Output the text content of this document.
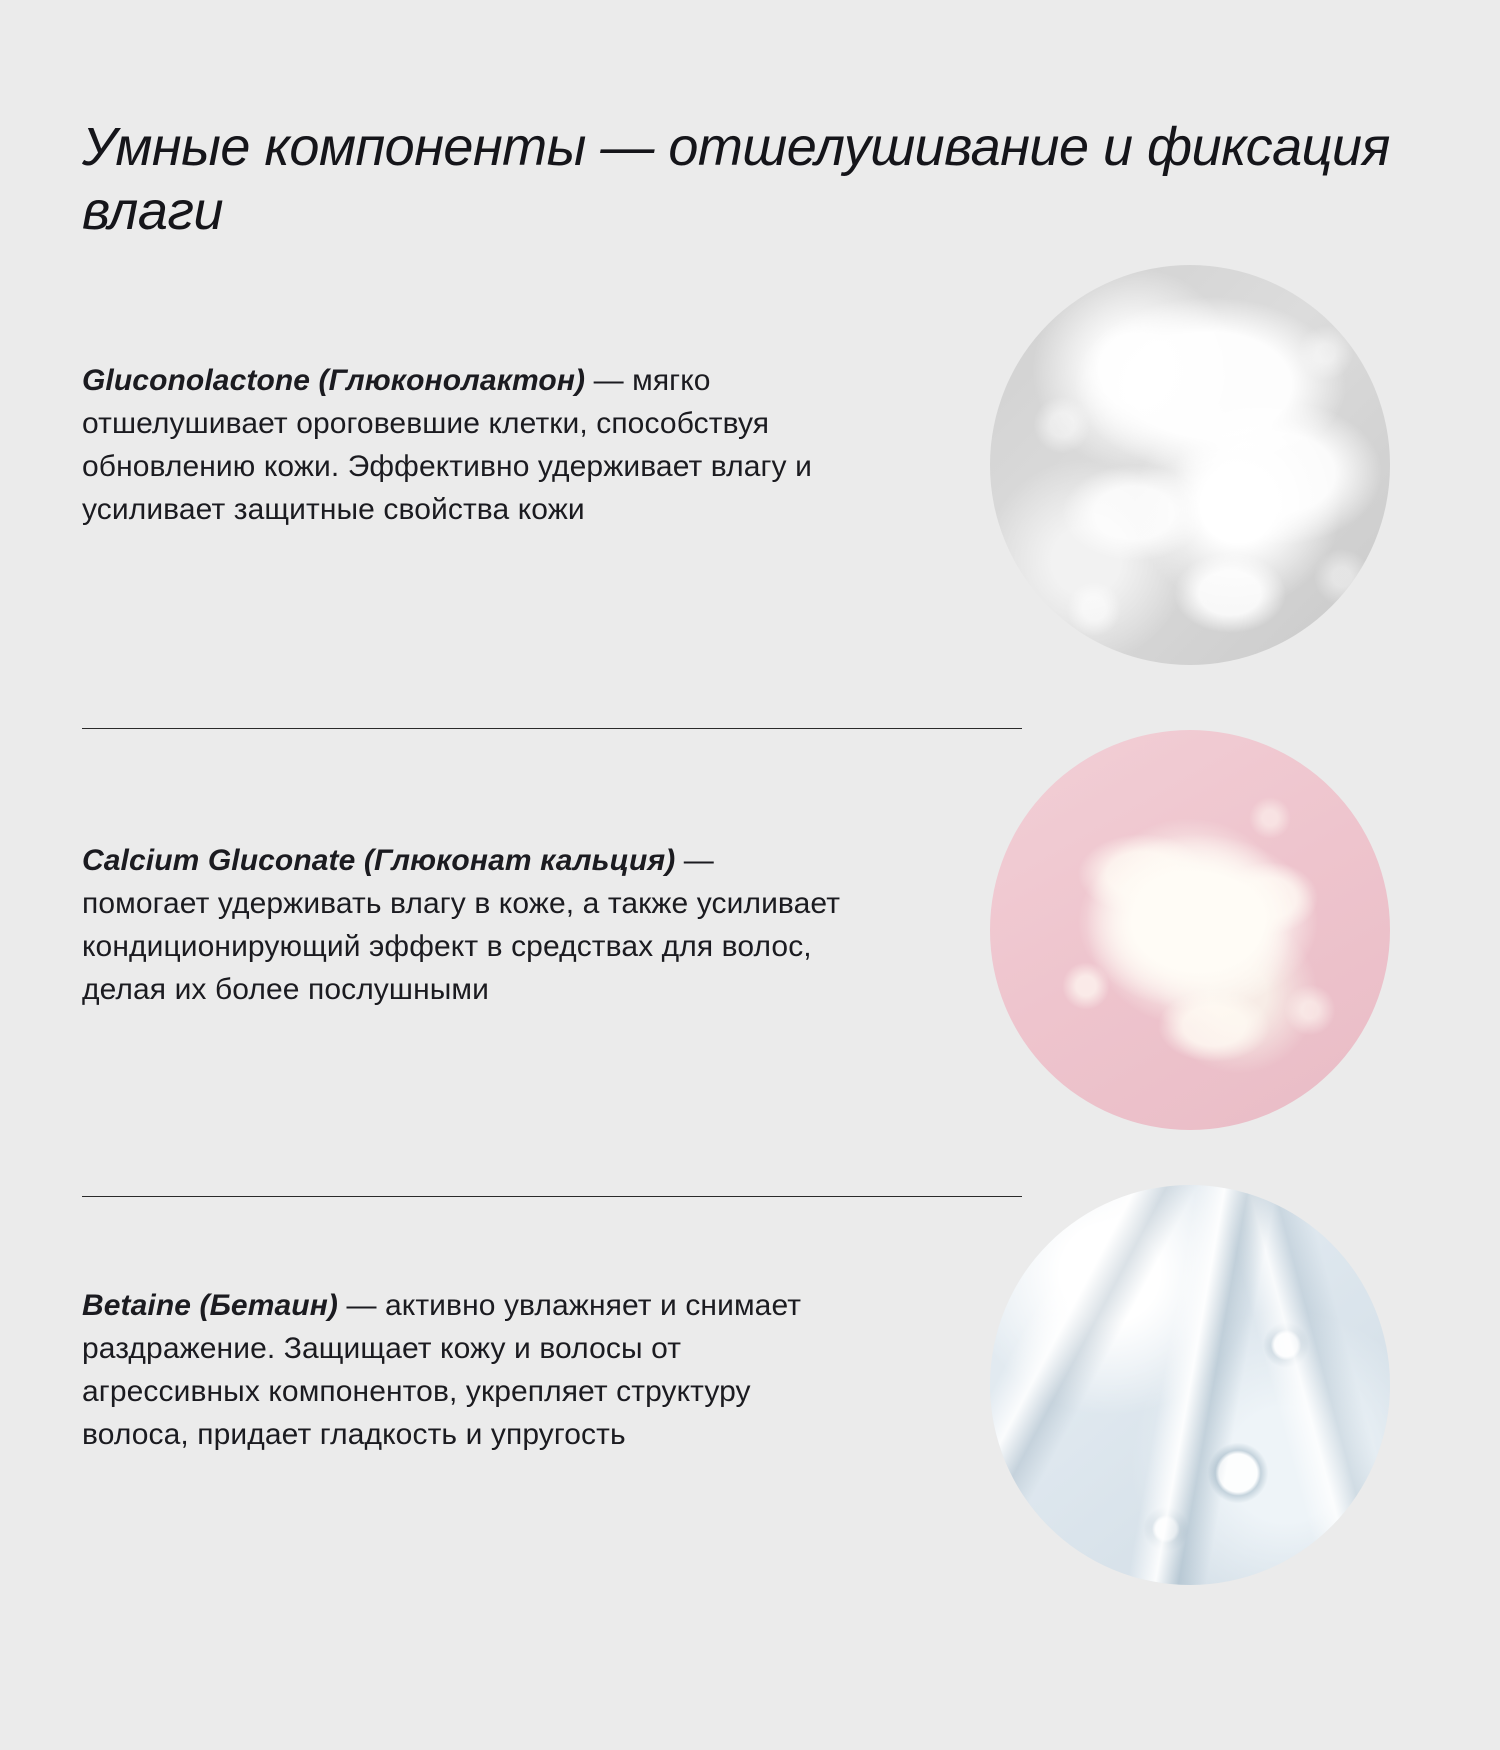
Умные компоненты — отшелушивание и фиксация влаги

Gluconolactone (Глюконолактон) — мягко отшелушивает ороговевшие клетки, способствуя обновлению кожи. Эффективно удерживает влагу и усиливает защитные свойства кожи

Calcium Gluconate (Глюконат кальция) — помогает удерживать влагу в коже, а также усиливает кондиционирующий эффект в средствах для волос, делая их более послушными

Betaine (Бетаин) — активно увлажняет и снимает раздражение. Защищает кожу и волосы от агрессивных компонентов, укрепляет структуру волоса, придает гладкость и упругость
